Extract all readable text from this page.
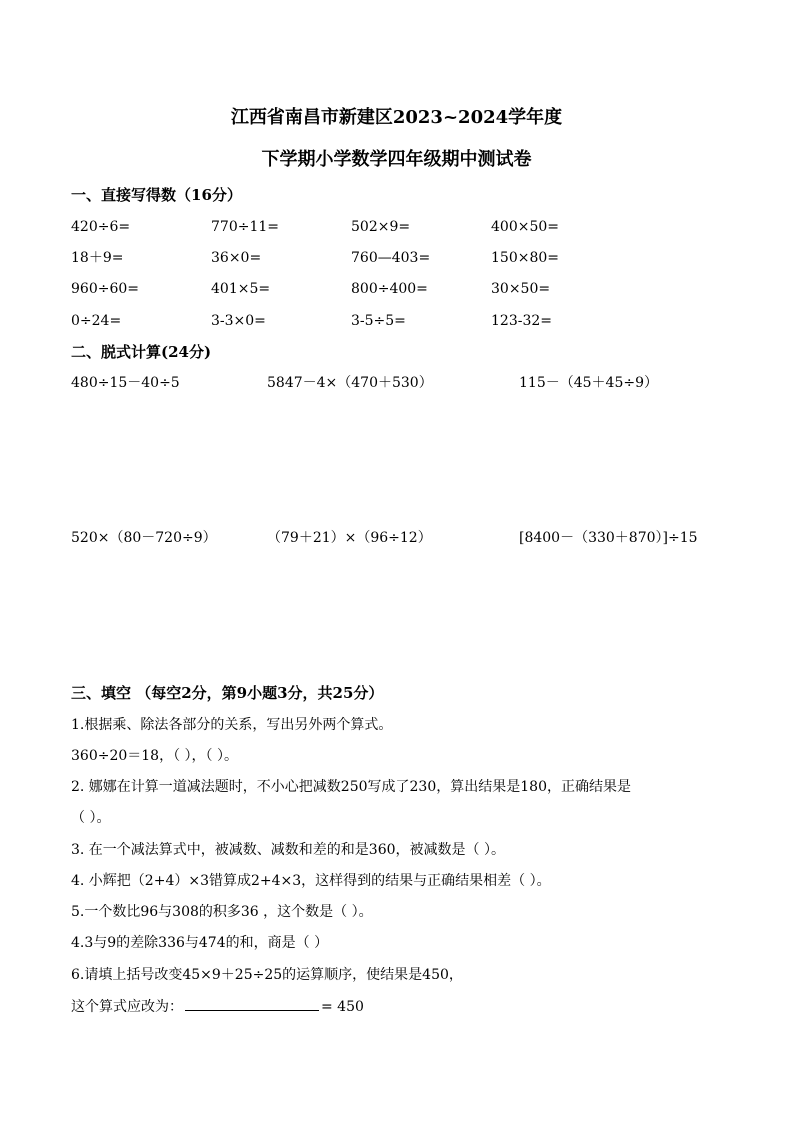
江西省南昌市新建区2023~2024学年度
下学期小学数学四年级期中测试卷
一、直接写得数（16分）
420÷6=	770÷11=	502×9=	400×50=
18＋9=	36×0=	760—403=	150×80=
960÷60=	401×5=	800÷400=	30×50=
0÷24=	3-3×0=	3-5÷5=	123-32=
二、脱式计算(24分)
480÷15－40÷5	5847－4×（470＋530）	115－（45＋45÷9）
520×（80－720÷9）	（79＋21）×（96÷12）	[8400－（330＋870）]÷15
三、填空 （每空2分，第9小题3分，共25分）
1.根据乘、除法各部分的关系，写出另外两个算式。
360÷20＝18，（ ），（ ）。
2. 娜娜在计算一道减法题时，不小心把减数250写成了230，算出结果是180，正确结果是
（ ）。
3. 在一个减法算式中，被减数、减数和差的和是360，被减数是（ ）。
4. 小辉把（2+4）×3错算成2+4×3，这样得到的结果与正确结果相差（ ）。
5.一个数比96与308的积多36 ，这个数是（ ）。
4.3与9的差除336与474的和，商是（ ）
6.请填上括号改变45×9＋25÷25的运算顺序，使结果是450，
这个算式应改为：	= 450
